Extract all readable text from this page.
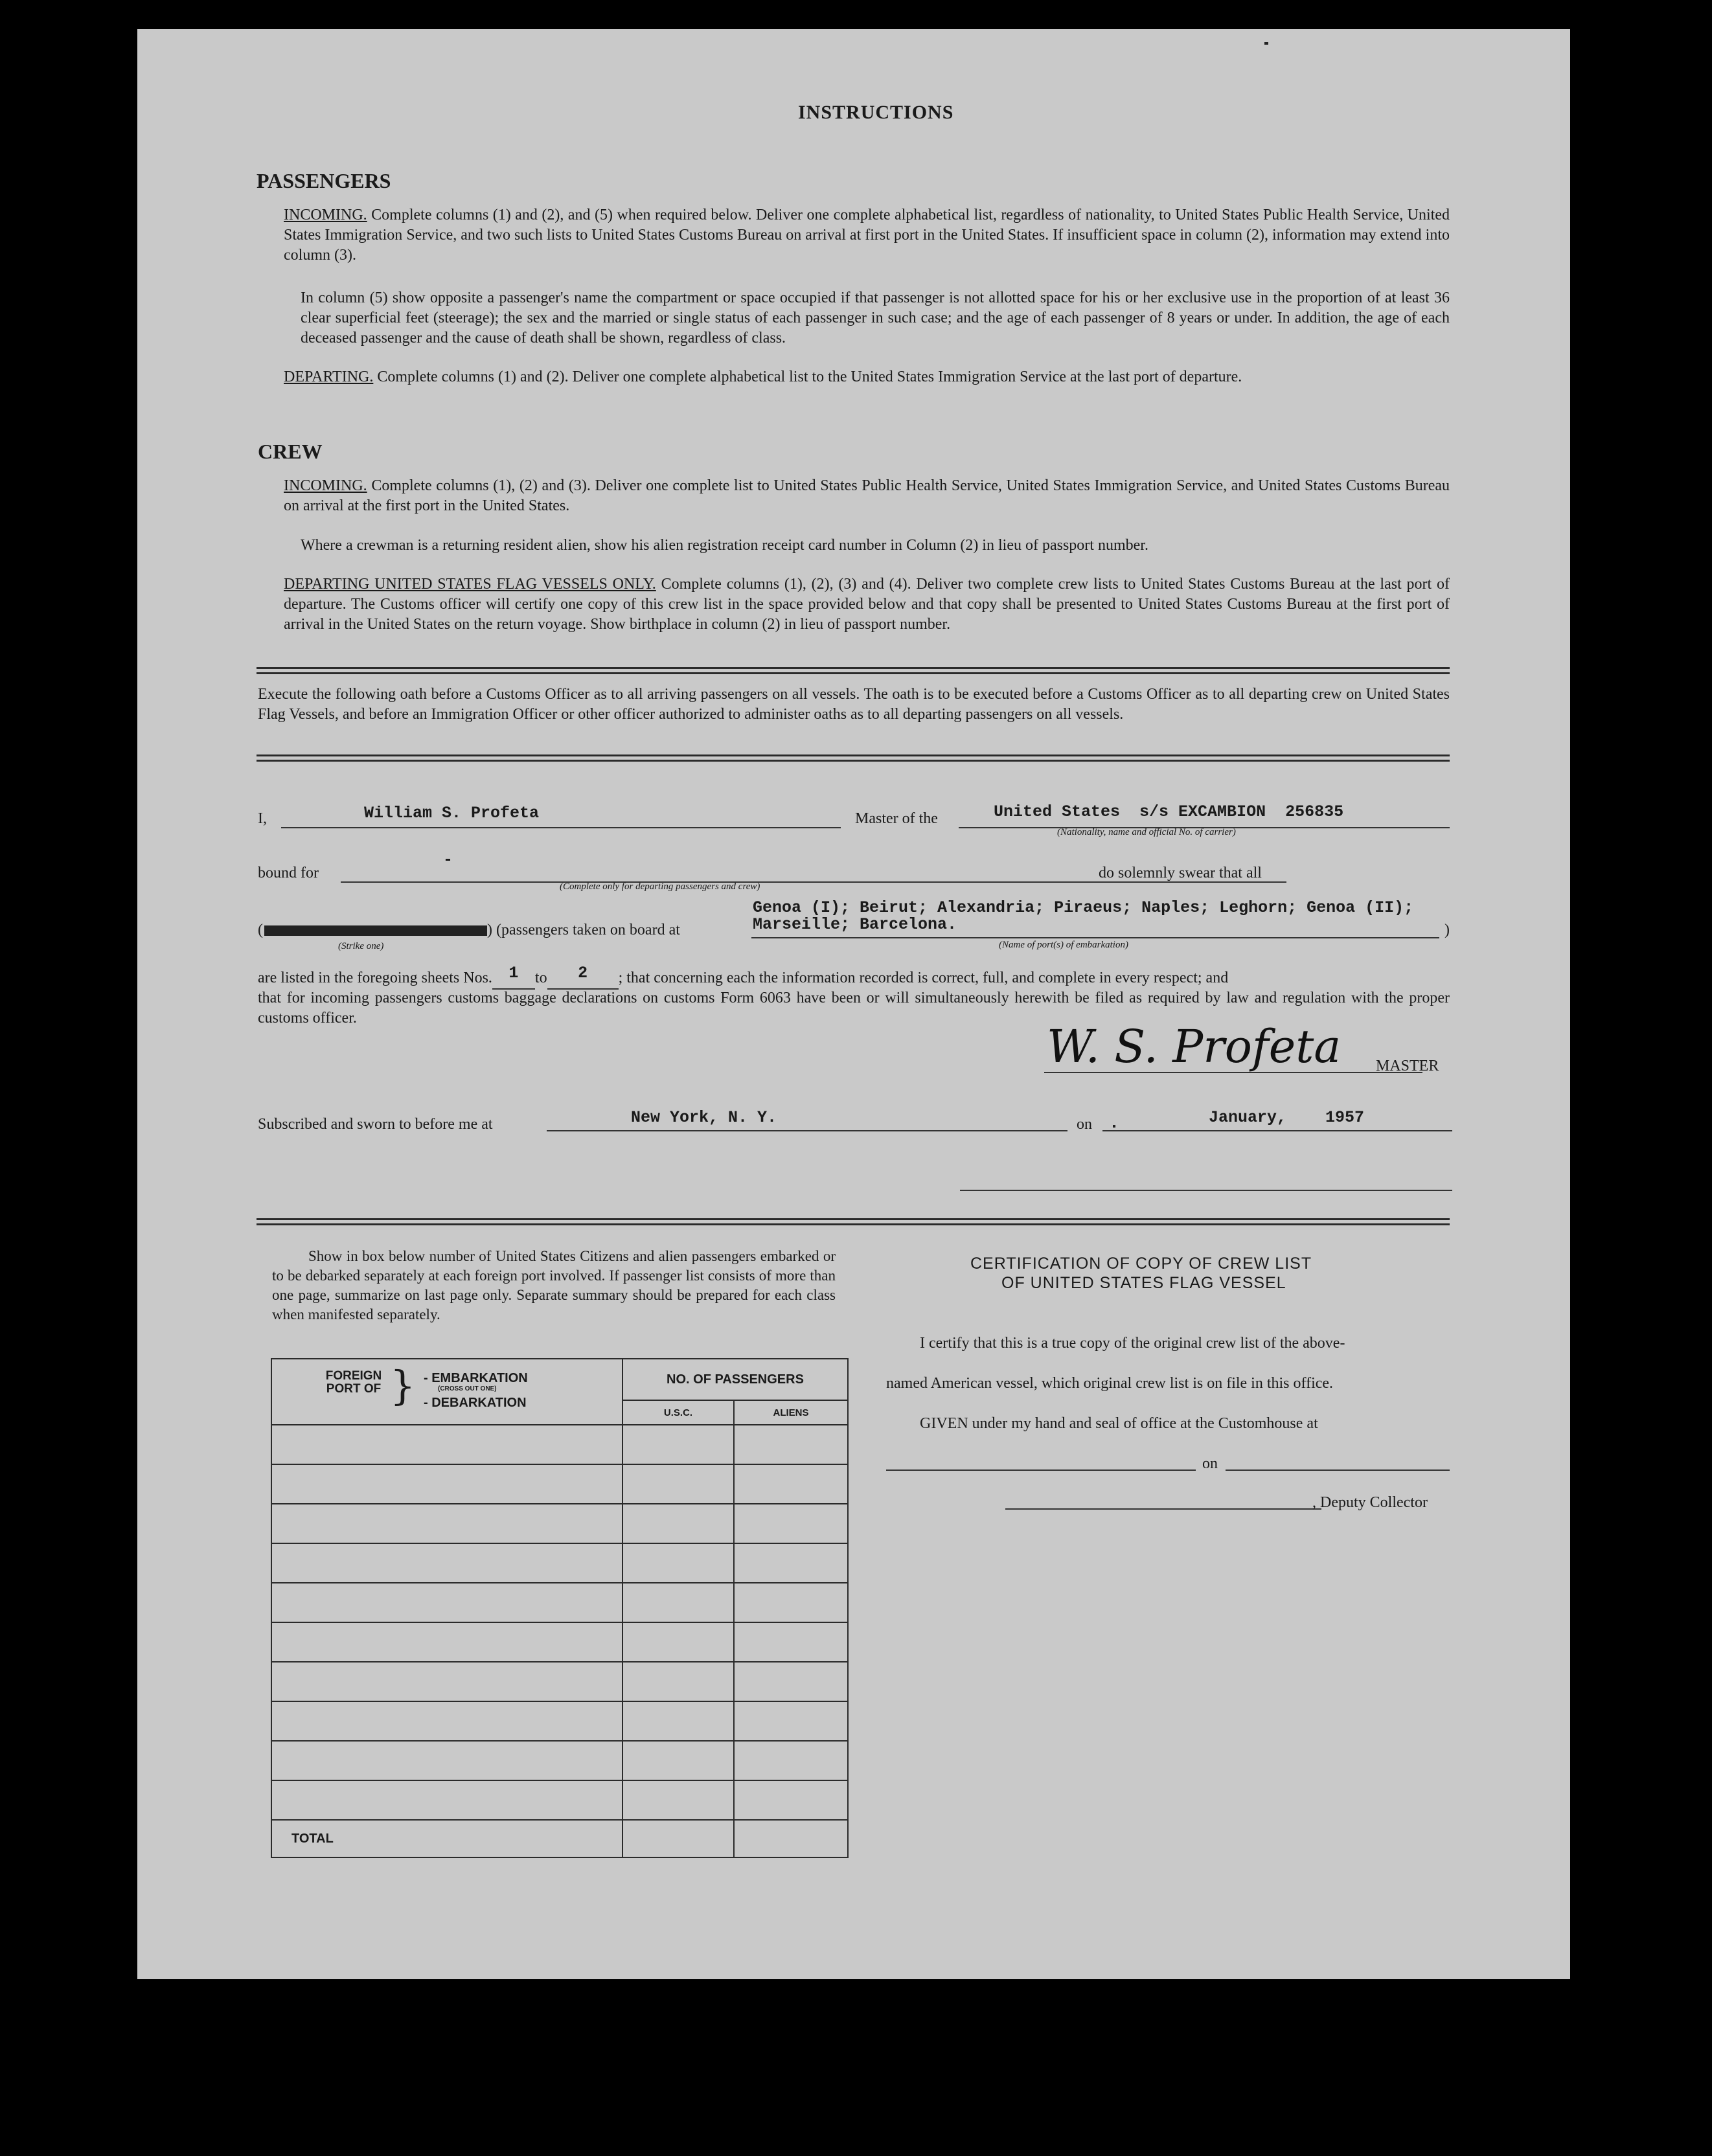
INSTRUCTIONS
PASSENGERS
INCOMING. Complete columns (1) and (2), and (5) when required below. Deliver one complete alphabetical list, regardless of nationality, to United States Public Health Service, United States Immigration Service, and two such lists to United States Customs Bureau on arrival at first port in the United States. If insufficient space in column (2), information may extend into column (3).
In column (5) show opposite a passenger's name the compartment or space occupied if that passenger is not allotted space for his or her exclusive use in the proportion of at least 36 clear superficial feet (steerage); the sex and the married or single status of each passenger in such case; and the age of each passenger of 8 years or under. In addition, the age of each deceased passenger and the cause of death shall be shown, regardless of class.
DEPARTING. Complete columns (1) and (2). Deliver one complete alphabetical list to the United States Immigration Service at the last port of departure.
CREW
INCOMING. Complete columns (1), (2) and (3). Deliver one complete list to United States Public Health Service, United States Immigration Service, and United States Customs Bureau on arrival at the first port in the United States.
Where a crewman is a returning resident alien, show his alien registration receipt card number in Column (2) in lieu of passport number.
DEPARTING UNITED STATES FLAG VESSELS ONLY. Complete columns (1), (2), (3) and (4). Deliver two complete crew lists to United States Customs Bureau at the last port of departure. The Customs officer will certify one copy of this crew list in the space provided below and that copy shall be presented to United States Customs Bureau at the first port of arrival in the United States on the return voyage. Show birthplace in column (2) in lieu of passport number.
Execute the following oath before a Customs Officer as to all arriving passengers on all vessels. The oath is to be executed before a Customs Officer as to all departing crew on United States Flag Vessels, and before an Immigration Officer or other officer authorized to administer oaths as to all departing passengers on all vessels.
I,	William S. Profeta	Master of the	United States  s/s EXCAMBION  256835
(Nationality, name and official No. of carrier)
bound for
-
(Complete only for departing passengers and crew)
do solemnly swear that all
(
(Strike one)
) (passengers taken on board at
Genoa (I); Beirut; Alexandria; Piraeus; Naples; Leghorn; Genoa (II);
Marseille; Barcelona.	)
(Name of port(s) of embarkation)
are listed in the foregoing sheets Nos. 1 to 2 ; that concerning each the information recorded is correct, full, and complete in every respect; and
that for incoming passengers customs baggage declarations on customs Form 6063 have been or will simultaneously herewith be filed as required by law and regulation with the proper customs officer.
W. S. Profeta MASTER
Subscribed and sworn to before me at	New York, N. Y.	on	January,    1957
Show in box below number of United States Citizens and alien passengers embarked or to be debarked separately at each foreign port involved. If passenger list consists of more than one page, summarize on last page only. Separate summary should be prepared for each class when manifested separately.
FOREIGN PORT OF } - EMBARKATION
(CROSS OUT ONE)
- DEBARKATION	NO. OF PASSENGERS	
	U.S.C.	ALIENS

TOTAL		
CERTIFICATION OF COPY OF CREW LIST
OF UNITED STATES FLAG VESSEL
I certify that this is a true copy of the original crew list of the above-
named American vessel, which original crew list is on file in this office.
GIVEN under my hand and seal of office at the Customhouse at
on
, Deputy Collector
